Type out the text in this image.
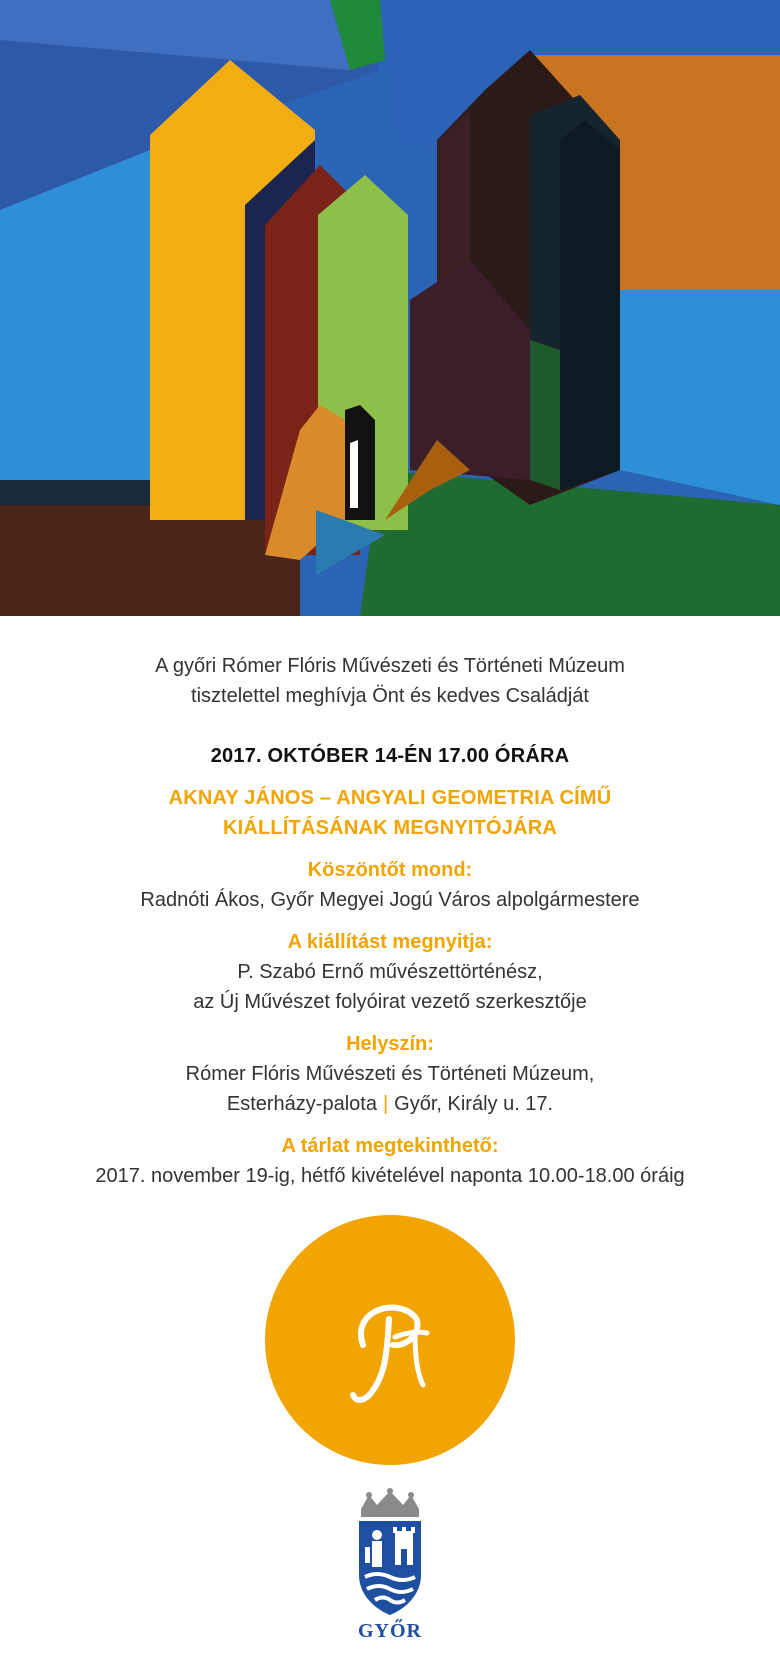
A győri Rómer Flóris Művészeti és Történeti Múzeum
tisztelettel meghívja Önt és kedves Családját
2017. OKTÓBER 14-ÉN 17.00 ÓRÁRA
AKNAY JÁNOS – ANGYALI GEOMETRIA CÍMŰ
KIÁLLÍTÁSÁNAK MEGNYITÓJÁRA
Köszöntőt mond:
Radnóti Ákos, Győr Megyei Jogú Város alpolgármestere
A kiállítást megnyitja:
P. Szabó Ernő művészettörténész,
az Új Művészet folyóirat vezető szerkesztője
Helyszín:
Rómer Flóris Művészeti és Történeti Múzeum,
Esterházy-palota | Győr, Király u. 17.
A tárlat megtekinthető:
2017. november 19-ig, hétfő kivételével naponta 10.00-18.00 óráig
GYŐR
